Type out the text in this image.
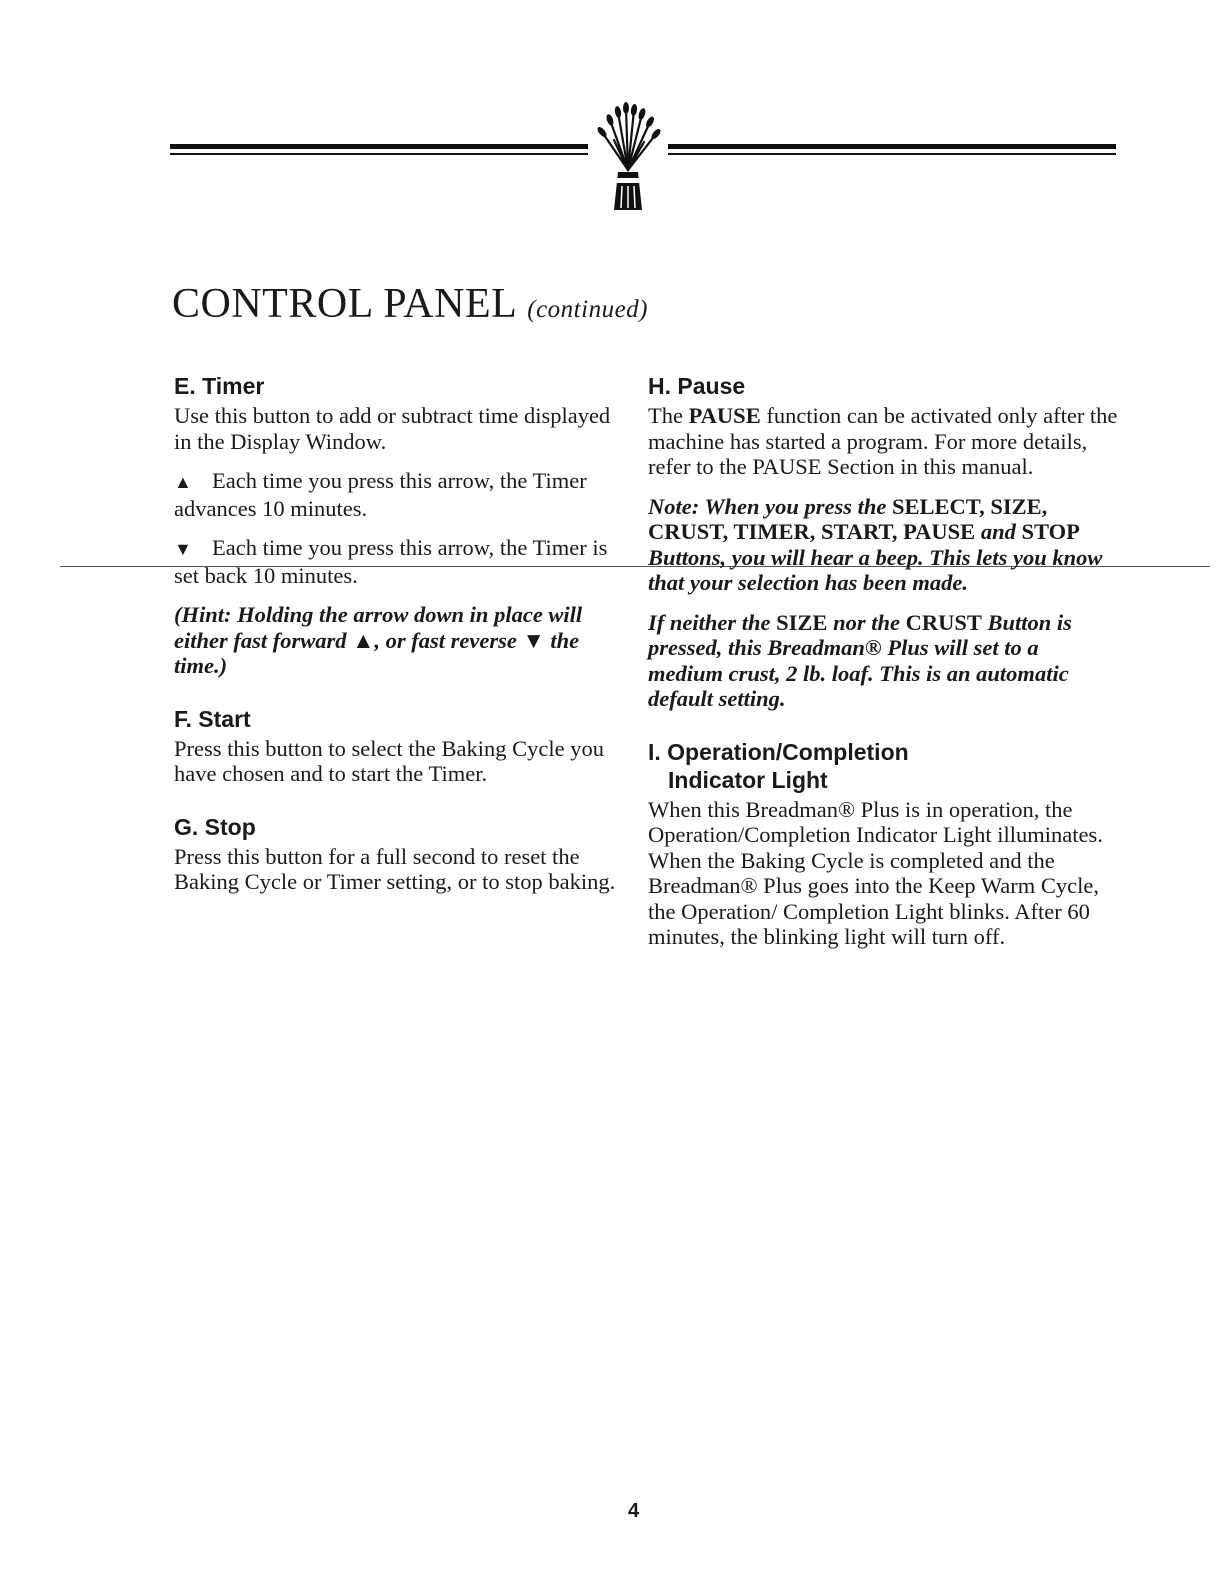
CONTROL PANEL (continued)
E. Timer

Use this button to add or subtract time displayed in the Display Window.

▲ Each time you press this arrow, the Timer advances 10 minutes.

▼ Each time you press this arrow, the Timer is set back 10 minutes.

(Hint: Holding the arrow down in place will either fast forward ▲, or fast reverse ▼ the time.)

F. Start

Press this button to select the Baking Cycle you have chosen and to start the Timer.

G. Stop

Press this button for a full second to reset the Baking Cycle or Timer setting, or to stop baking.

H. Pause

The PAUSE function can be activated only after the machine has started a program. For more details, refer to the PAUSE Section in this manual.

Note: When you press the SELECT, SIZE, CRUST, TIMER, START, PAUSE and STOP Buttons, you will hear a beep. This lets you know that your selection has been made.

If neither the SIZE nor the CRUST Button is pressed, this Breadman® Plus will set to a medium crust, 2 lb. loaf. This is an automatic default setting.

I. Operation/Completion
Indicator Light

When this Breadman® Plus is in operation, the Operation/Completion Indicator Light illuminates. When the Baking Cycle is completed and the Breadman® Plus goes into the Keep Warm Cycle, the Operation/ Completion Light blinks. After 60 minutes, the blinking light will turn off.

4
